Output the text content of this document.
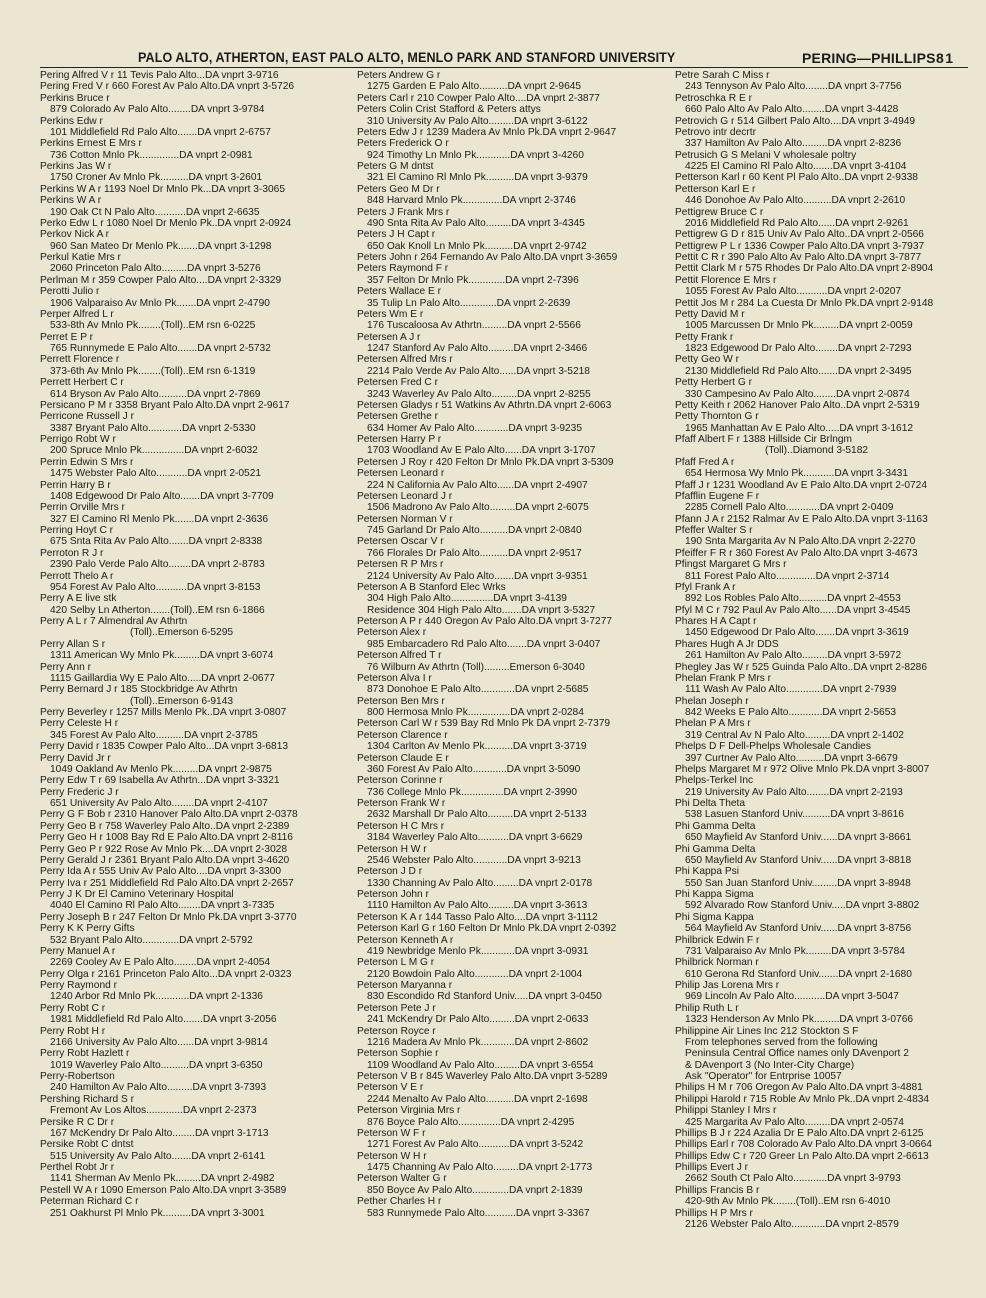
PALO ALTO, ATHERTON, EAST PALO ALTO, MENLO PARK AND STANFORD UNIVERSITY	PERING—PHILLIPS 81
Pering Alfred V r 11 Tevis Palo Alto...DA vnprt 3-9716
Pering Fred V r 660 Forest Av Palo Alto.DA vnprt 3-5726
Perkins Bruce r
879 Colorado Av Palo Alto........DA vnprt 3-9784
Perkins Edw r
101 Middlefield Rd Palo Alto.......DA vnprt 2-6757
Perkins Ernest E Mrs r
736 Cotton Mnlo Pk..............DA vnprt 2-0981
Perkins Jas W r
1750 Croner Av Mnlo Pk..........DA vnprt 3-2601
Perkins W A r 1193 Noel Dr Mnlo Pk...DA vnprt 3-3065
Perkins W A r
190 Oak Ct N Palo Alto...........DA vnprt 2-6635
Perko Edw L r 1080 Noel Dr Menlo Pk..DA vnprt 2-0924
Perkov Nick A r
960 San Mateo Dr Menlo Pk.......DA vnprt 3-1298
Perkul Katie Mrs r
2060 Princeton Palo Alto.........DA vnprt 3-5276
Perlman M r 359 Cowper Palo Alto....DA vnprt 2-3329
Perotti Julio r
1906 Valparaiso Av Mnlo Pk.......DA vnprt 2-4790
Perper Alfred L r
533-8th Av Mnlo Pk........(Toll)..EM rsn 6-0225
Perret E P r
765 Runnymede E Palo Alto.......DA vnprt 2-5732
Perrett Florence r
373-6th Av Mnlo Pk........(Toll)..EM rsn 6-1319
Perrett Herbert C r
614 Bryson Av Palo Alto..........DA vnprt 2-7869
Persicano P M r 3358 Bryant Palo Alto.DA vnprt 2-9617
Perricone Russell J r
3387 Bryant Palo Alto............DA vnprt 2-5330
Perrigo Robt W r
200 Spruce Mnlo Pk...............DA vnprt 2-6032
Perrin Edwin S Mrs r
1475 Webster Palo Alto...........DA vnprt 2-0521
Perrin Harry B r
1408 Edgewood Dr Palo Alto.......DA vnprt 3-7709
Perrin Orville Mrs r
327 El Camino Rl Menlo Pk.......DA vnprt 2-3636
Perring Hoyt C r
675 Snta Rita Av Palo Alto.......DA vnprt 2-8338
Perroton R J r
2390 Palo Verde Palo Alto........DA vnprt 2-8783
Perrott Thelo A r
954 Forest Av Palo Alto...........DA vnprt 3-8153
Perry A E live stk
420 Selby Ln Atherton.......(Toll)..EM rsn 6-1866
Perry A L r 7 Almendral Av Athrtn
(Toll)..Emerson 6-5295
Perry Allan S r
1311 American Wy Mnlo Pk.........DA vnprt 3-6074
Perry Ann r
1115 Gaillardia Wy E Palo Alto.....DA vnprt 2-0677
Perry Bernard J r 185 Stockbridge Av Athrtn
(Toll)..Emerson 6-9143
Perry Beverley r 1257 Mills Menlo Pk..DA vnprt 3-0807
Perry Celeste H r
345 Forest Av Palo Alto..........DA vnprt 2-3785
Perry David r 1835 Cowper Palo Alto...DA vnprt 3-6813
Perry David Jr r
1049 Oakland Av Menlo Pk.........DA vnprt 2-9875
Perry Edw T r 69 Isabella Av Athrtn...DA vnprt 3-3321
Perry Frederic J r
651 University Av Palo Alto........DA vnprt 2-4107
Perry G F Bob r 2310 Hanover Palo Alto.DA vnprt 2-0378
Perry Geo B r 758 Waverley Palo Alto..DA vnprt 2-2389
Perry Geo H r 1008 Bay Rd E Palo Alto.DA vnprt 2-8116
Perry Geo P r 922 Rose Av Mnlo Pk....DA vnprt 2-3028
Perry Gerald J r 2361 Bryant Palo Alto.DA vnprt 3-4620
Perry Ida A r 555 Univ Av Palo Alto....DA vnprt 3-3300
Perry Iva r 251 Middlefield Rd Palo Alto.DA vnprt 2-2657
Perry J K Dr El Camino Veterinary Hospital
4040 El Camino Rl Palo Alto........DA vnprt 3-7335
Perry Joseph B r 247 Felton Dr Mnlo Pk.DA vnprt 3-3770
Perry K K Perry Gifts
532 Bryant Palo Alto.............DA vnprt 2-5792
Perry Manuel A r
2269 Cooley Av E Palo Alto........DA vnprt 2-4054
Perry Olga r 2161 Princeton Palo Alto...DA vnprt 2-0323
Perry Raymond r
1240 Arbor Rd Mnlo Pk............DA vnprt 2-1336
Perry Robt C r
1981 Middlefield Rd Palo Alto.......DA vnprt 3-2056
Perry Robt H r
2166 University Av Palo Alto......DA vnprt 3-9814
Perry Robt Hazlett r
1019 Waverley Palo Alto..........DA vnprt 3-6350
Perry-Robertson
240 Hamilton Av Palo Alto.........DA vnprt 3-7393
Pershing Richard S r
Fremont Av Los Altos.............DA vnprt 2-2373
Persike R C Dr r
167 McKendry Dr Palo Alto........DA vnprt 3-1713
Persike Robt C dntst
515 University Av Palo Alto.......DA vnprt 2-6141
Perthel Robt Jr r
1141 Sherman Av Menlo Pk.........DA vnprt 2-4982
Pestell W A r 1090 Emerson Palo Alto.DA vnprt 3-3589
Peterman Richard C r
251 Oakhurst Pl Mnlo Pk..........DA vnprt 3-3001
Peters Andrew G r
1275 Garden E Palo Alto..........DA vnprt 2-9645
Peters Carl r 210 Cowper Palo Alto....DA vnprt 2-3877
Peters Colin Crist Stafford & Peters attys
310 University Av Palo Alto.........DA vnprt 3-6122
Peters Edw J r 1239 Madera Av Mnlo Pk.DA vnprt 2-9647
Peters Frederick O r
924 Timothy Ln Mnlo Pk............DA vnprt 3-4260
Peters G M dntst
321 El Camino Rl Mnlo Pk..........DA vnprt 3-9379
Peters Geo M Dr r
848 Harvard Mnlo Pk..............DA vnprt 2-3746
Peters J Frank Mrs r
490 Snta Rita Av Palo Alto.........DA vnprt 3-4345
Peters J H Capt r
650 Oak Knoll Ln Mnlo Pk..........DA vnprt 2-9742
Peters John r 264 Fernando Av Palo Alto.DA vnprt 3-3659
Peters Raymond F r
357 Felton Dr Mnlo Pk.............DA vnprt 2-7396
Peters Wallace E r
35 Tulip Ln Palo Alto.............DA vnprt 2-2639
Peters Wm E r
176 Tuscaloosa Av Athrtn.........DA vnprt 2-5566
Petersen A J r
1247 Stanford Av Palo Alto.........DA vnprt 2-3466
Petersen Alfred Mrs r
2214 Palo Verde Av Palo Alto......DA vnprt 3-5218
Petersen Fred C r
3243 Waverley Av Palo Alto.........DA vnprt 2-8255
Petersen Gladys r 51 Watkins Av Athrtn.DA vnprt 2-6063
Petersen Grethe r
634 Homer Av Palo Alto............DA vnprt 3-9235
Petersen Harry P r
1703 Woodland Av E Palo Alto......DA vnprt 3-1707
Petersen J Roy r 420 Felton Dr Mnlo Pk.DA vnprt 3-5309
Petersen Leonard r
224 N California Av Palo Alto......DA vnprt 2-4907
Petersen Leonard J r
1506 Madrono Av Palo Alto.........DA vnprt 2-6075
Petersen Norman V r
745 Garland Dr Palo Alto..........DA vnprt 2-0840
Petersen Oscar V r
766 Florales Dr Palo Alto..........DA vnprt 2-9517
Petersen R P Mrs r
2124 University Av Palo Alto.......DA vnprt 3-9351
Peterson A B Stanford Elec Wrks
304 High Palo Alto...............DA vnprt 3-4139
Residence 304 High Palo Alto.......DA vnprt 3-5327
Peterson A P r 440 Oregon Av Palo Alto.DA vnprt 3-7277
Peterson Alex r
985 Embarcadero Rd Palo Alto.......DA vnprt 3-0407
Peterson Alfred T r
76 Wilburn Av Athrtn (Toll).........Emerson 6-3040
Peterson Alva I r
873 Donohoe E Palo Alto............DA vnprt 2-5685
Peterson Ben Mrs r
800 Hermosa Mnlo Pk...............DA vnprt 2-0284
Peterson Carl W r 539 Bay Rd Mnlo Pk DA vnprt 2-7379
Peterson Clarence r
1304 Carlton Av Menlo Pk..........DA vnprt 3-3719
Peterson Claude E r
360 Forest Av Palo Alto............DA vnprt 3-5090
Peterson Corinne r
736 College Mnlo Pk...............DA vnprt 2-3990
Peterson Frank W r
2632 Marshall Dr Palo Alto.........DA vnprt 2-5133
Peterson H C Mrs r
3184 Waverley Palo Alto...........DA vnprt 3-6629
Peterson H W r
2546 Webster Palo Alto............DA vnprt 3-9213
Peterson J D r
1330 Channing Av Palo Alto.........DA vnprt 2-0178
Peterson John r
1110 Hamilton Av Palo Alto.........DA vnprt 3-3613
Peterson K A r 144 Tasso Palo Alto....DA vnprt 3-1112
Peterson Karl G r 160 Felton Dr Mnlo Pk.DA vnprt 2-0392
Peterson Kenneth A r
419 Newbridge Menlo Pk............DA vnprt 3-0931
Peterson L M G r
2120 Bowdoin Palo Alto............DA vnprt 2-1004
Peterson Maryanna r
830 Escondido Rd Stanford Univ.....DA vnprt 3-0450
Peterson Pete J r
241 McKendry Dr Palo Alto.........DA vnprt 2-0633
Peterson Royce r
1216 Madera Av Mnlo Pk............DA vnprt 2-8602
Peterson Sophie r
1109 Woodland Av Palo Alto.........DA vnprt 3-6554
Peterson V B r 845 Waverley Palo Alto.DA vnprt 3-5289
Peterson V E r
2244 Menalto Av Palo Alto..........DA vnprt 2-1698
Peterson Virginia Mrs r
876 Boyce Palo Alto...............DA vnprt 2-4295
Peterson W F r
1271 Forest Av Palo Alto...........DA vnprt 3-5242
Peterson W H r
1475 Channing Av Palo Alto.........DA vnprt 2-1773
Peterson Walter G r
850 Boyce Av Palo Alto.............DA vnprt 2-1839
Pether Charles H r
583 Runnymede Palo Alto...........DA vnprt 3-3367
Petre Sarah C Miss r
243 Tennyson Av Palo Alto........DA vnprt 3-7756
Petroschka R E r
660 Palo Alto Av Palo Alto........DA vnprt 3-4428
Petrovich G r 514 Gilbert Palo Alto....DA vnprt 3-4949
Petrovo intr decrtr
337 Hamilton Av Palo Alto.........DA vnprt 2-8236
Petrusich G S Melani V wholesale poltry
4225 El Camino Rl Palo Alto.......DA vnprt 3-4104
Petterson Karl r 60 Kent Pl Palo Alto..DA vnprt 2-9338
Petterson Karl E r
446 Donohoe Av Palo Alto..........DA vnprt 2-2610
Pettigrew Bruce C r
2016 Middlefield Rd Palo Alto......DA vnprt 2-9261
Pettigrew G D r 815 Univ Av Palo Alto..DA vnprt 2-0566
Pettigrew P L r 1336 Cowper Palo Alto.DA vnprt 3-7937
Pettit C R r 390 Palo Alto Av Palo Alto.DA vnprt 3-7877
Pettit Clark M r 575 Rhodes Dr Palo Alto.DA vnprt 2-8904
Pettit Florence E Mrs r
1055 Forest Av Palo Alto...........DA vnprt 2-0207
Pettit Jos M r 284 La Cuesta Dr Mnlo Pk.DA vnprt 2-9148
Petty David M r
1005 Marcussen Dr Mnlo Pk.........DA vnprt 2-0059
Petty Frank r
1823 Edgewood Dr Palo Alto........DA vnprt 2-7293
Petty Geo W r
2130 Middlefield Rd Palo Alto.......DA vnprt 2-3495
Petty Herbert G r
330 Campesino Av Palo Alto........DA vnprt 2-0874
Petty Keith r 2062 Hanover Palo Alto..DA vnprt 2-5319
Petty Thornton G r
1965 Manhattan Av E Palo Alto.....DA vnprt 3-1612
Pfaff Albert F r 1388 Hillside Cir Brlngm
(Toll)..Diamond 3-5182
Pfaff Fred A r
654 Hermosa Wy Mnlo Pk...........DA vnprt 3-3431
Pfaff J r 1231 Woodland Av E Palo Alto.DA vnprt 2-0724
Pfafflin Eugene F r
2285 Cornell Palo Alto............DA vnprt 2-0409
Pfann J A r 2152 Ralmar Av E Palo Alto.DA vnprt 3-1163
Pfeffer Walter S r
190 Snta Margarita Av N Palo Alto.DA vnprt 2-2270
Pfeiffer F R r 360 Forest Av Palo Alto.DA vnprt 3-4673
Pfingst Margaret G Mrs r
811 Forest Palo Alto..............DA vnprt 2-3714
Pfyl Frank A r
892 Los Robles Palo Alto..........DA vnprt 2-4553
Pfyl M C r 792 Paul Av Palo Alto......DA vnprt 3-4545
Phares H A Capt r
1450 Edgewood Dr Palo Alto.......DA vnprt 3-3619
Phares Hugh A Jr DDS
261 Hamilton Av Palo Alto.........DA vnprt 3-5972
Phegley Jas W r 525 Guinda Palo Alto..DA vnprt 2-8286
Phelan Frank P Mrs r
111 Wash Av Palo Alto.............DA vnprt 2-7939
Phelan Joseph r
842 Weeks E Palo Alto............DA vnprt 2-5653
Phelan P A Mrs r
319 Central Av N Palo Alto.........DA vnprt 2-1402
Phelps D F Dell-Phelps Wholesale Candies
397 Curtner Av Palo Alto..........DA vnprt 3-6679
Phelps Margaret M r 972 Olive Mnlo Pk.DA vnprt 3-8007
Phelps-Terkel Inc
219 University Av Palo Alto........DA vnprt 2-2193
Phi Delta Theta
538 Lasuen Stanford Univ..........DA vnprt 3-8616
Phi Gamma Delta
650 Mayfield Av Stanford Univ......DA vnprt 3-8661
Phi Gamma Delta
650 Mayfield Av Stanford Univ......DA vnprt 3-8818
Phi Kappa Psi
550 San Juan Stanford Univ.........DA vnprt 3-8948
Phi Kappa Sigma
592 Alvarado Row Stanford Univ.....DA vnprt 3-8802
Phi Sigma Kappa
564 Mayfield Av Stanford Univ......DA vnprt 3-8756
Philbrick Edwin F r
731 Valparaiso Av Mnlo Pk.........DA vnprt 3-5784
Philbrick Norman r
610 Gerona Rd Stanford Univ.......DA vnprt 2-1680
Philip Jas Lorena Mrs r
969 Lincoln Av Palo Alto...........DA vnprt 3-5047
Philip Ruth L r
1323 Henderson Av Mnlo Pk.........DA vnprt 3-0766
Philippine Air Lines Inc 212 Stockton S F
From telephones served from the following
Peninsula Central Office names only DAvenport 2
& DAvenport 3 (No Inter-City Charge)
Ask "Operator" for Entrprise 10057
Philips H M r 706 Oregon Av Palo Alto.DA vnprt 3-4881
Philippi Harold r 715 Roble Av Mnlo Pk..DA vnprt 2-4834
Philippi Stanley I Mrs r
425 Margarita Av Palo Alto.........DA vnprt 2-0574
Phillips B J r 224 Azalia Dr E Palo Alto.DA vnprt 2-6125
Phillips Earl r 708 Colorado Av Palo Alto.DA vnprt 3-0664
Phillips Edw C r 720 Greer Ln Palo Alto.DA vnprt 2-6613
Phillips Evert J r
2662 South Ct Palo Alto............DA vnprt 3-9793
Phillips Francis B r
420-9th Av Mnlo Pk........(Toll)..EM rsn 6-4010
Phillips H P Mrs r
2126 Webster Palo Alto............DA vnprt 2-8579
